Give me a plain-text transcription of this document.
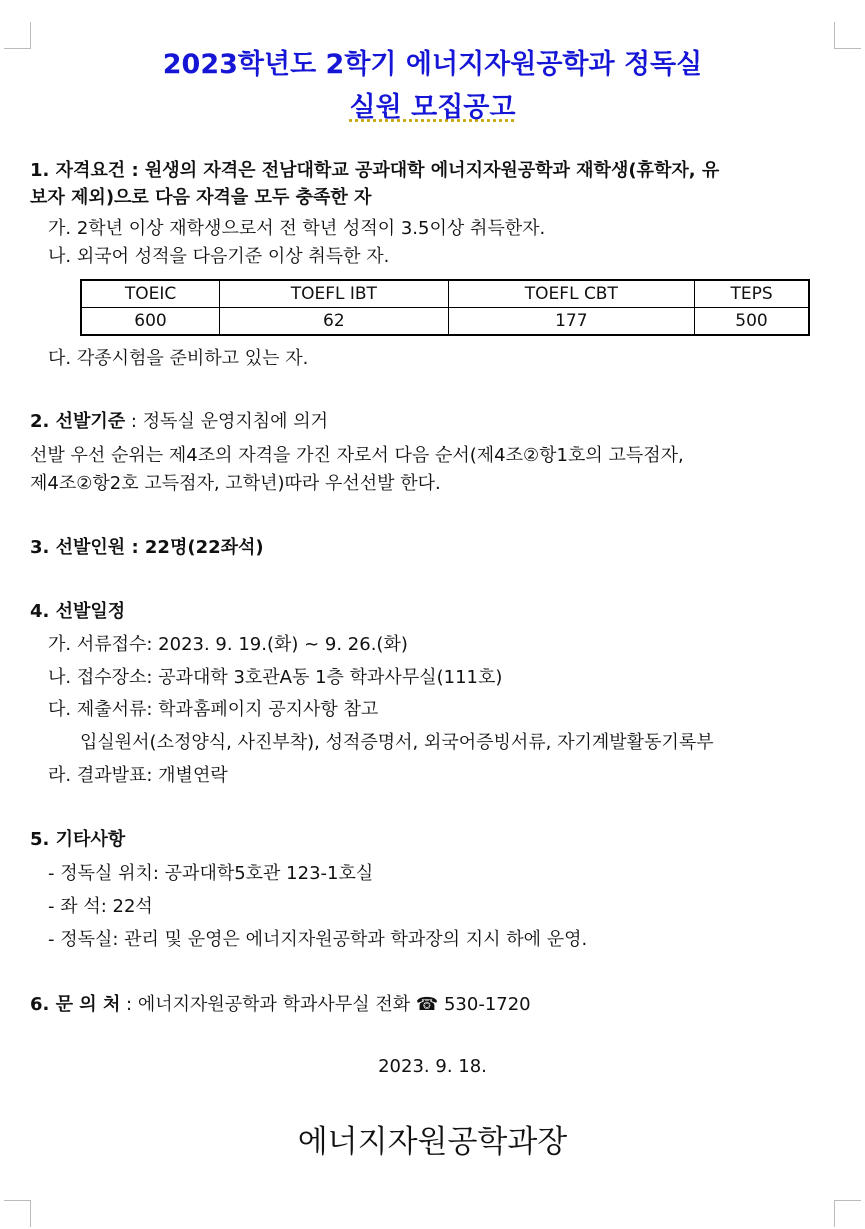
2023학년도 2학기 에너지자원공학과 정독실
실원 모집공고
1. 자격요건 : 원생의 자격은 전남대학교 공과대학 에너지자원공학과 재학생(휴학자, 유
보자 제외)으로 다음 자격을 모두 충족한 자
가. 2학년 이상 재학생으로서 전 학년 성적이 3.5이상 취득한자.
나. 외국어 성적을 다음기준 이상 취득한 자.
TOEIC	TOEFL IBT	TOEFL CBT	TEPS
600	62	177	500
다. 각종시험을 준비하고 있는 자.
2. 선발기준 : 정독실 운영지침에 의거
선발 우선 순위는 제4조의 자격을 가진 자로서 다음 순서(제4조②항1호의 고득점자,
제4조②항2호 고득점자, 고학년)따라 우선선발 한다.
3. 선발인원 : 22명(22좌석)
4. 선발일정
가. 서류접수: 2023. 9. 19.(화) ~ 9. 26.(화)
나. 접수장소: 공과대학 3호관A동 1층 학과사무실(111호)
다. 제출서류: 학과홈페이지 공지사항 참고
입실원서(소정양식, 사진부착), 성적증명서, 외국어증빙서류, 자기계발활동기록부
라. 결과발표: 개별연락
5. 기타사항
- 정독실 위치: 공과대학5호관 123-1호실
- 좌 석: 22석
- 정독실: 관리 및 운영은 에너지자원공학과 학과장의 지시 하에 운영.
6. 문 의 처 : 에너지자원공학과 학과사무실 전화 ☎ 530-1720
2023. 9. 18.
에너지자원공학과장
